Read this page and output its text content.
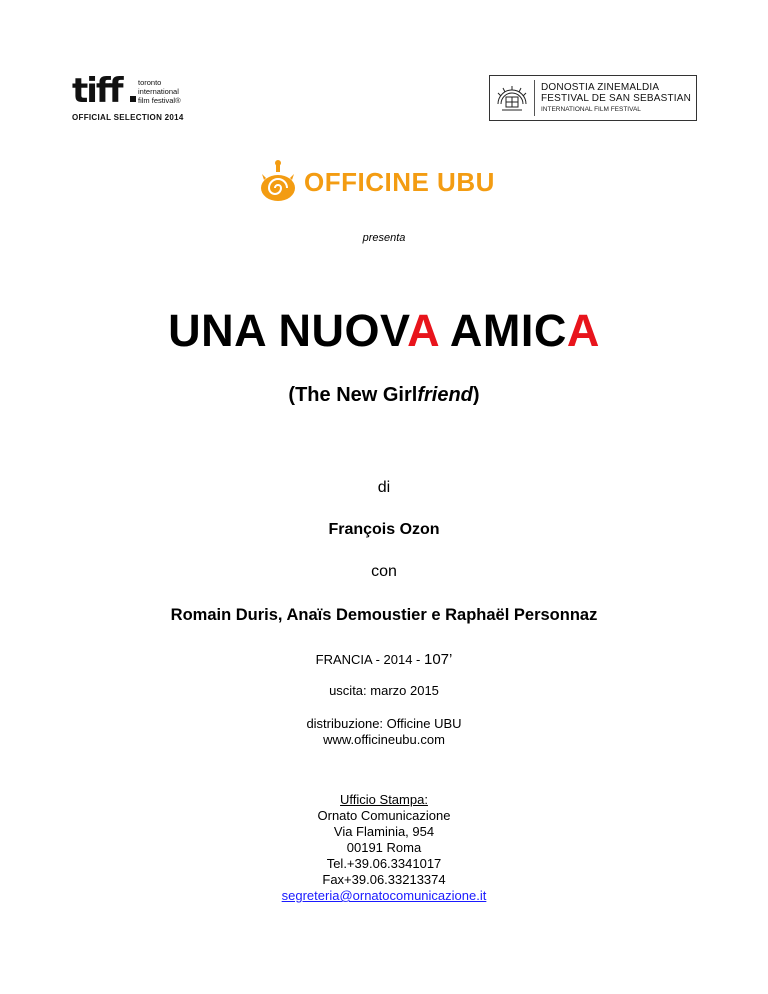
tiff toronto
international
film festival®
OFFICIAL SELECTION 2014
DONOSTIA ZINEMALDIA
FESTIVAL DE SAN SEBASTIAN
INTERNATIONAL FILM FESTIVAL
OFFICINE UBU
presenta
UNA NUOVA AMICA
(The New Girlfriend)
di
François Ozon
con
Romain Duris, Anaïs Demoustier e Raphaël Personnaz
FRANCIA - 2014 - 107’
uscita: marzo 2015
distribuzione: Officine UBU
www.officineubu.com
Ufficio Stampa:
Ornato Comunicazione
Via Flaminia, 954
00191 Roma
Tel.+39.06.3341017
Fax+39.06.33213374
segreteria@ornatocomunicazione.it
